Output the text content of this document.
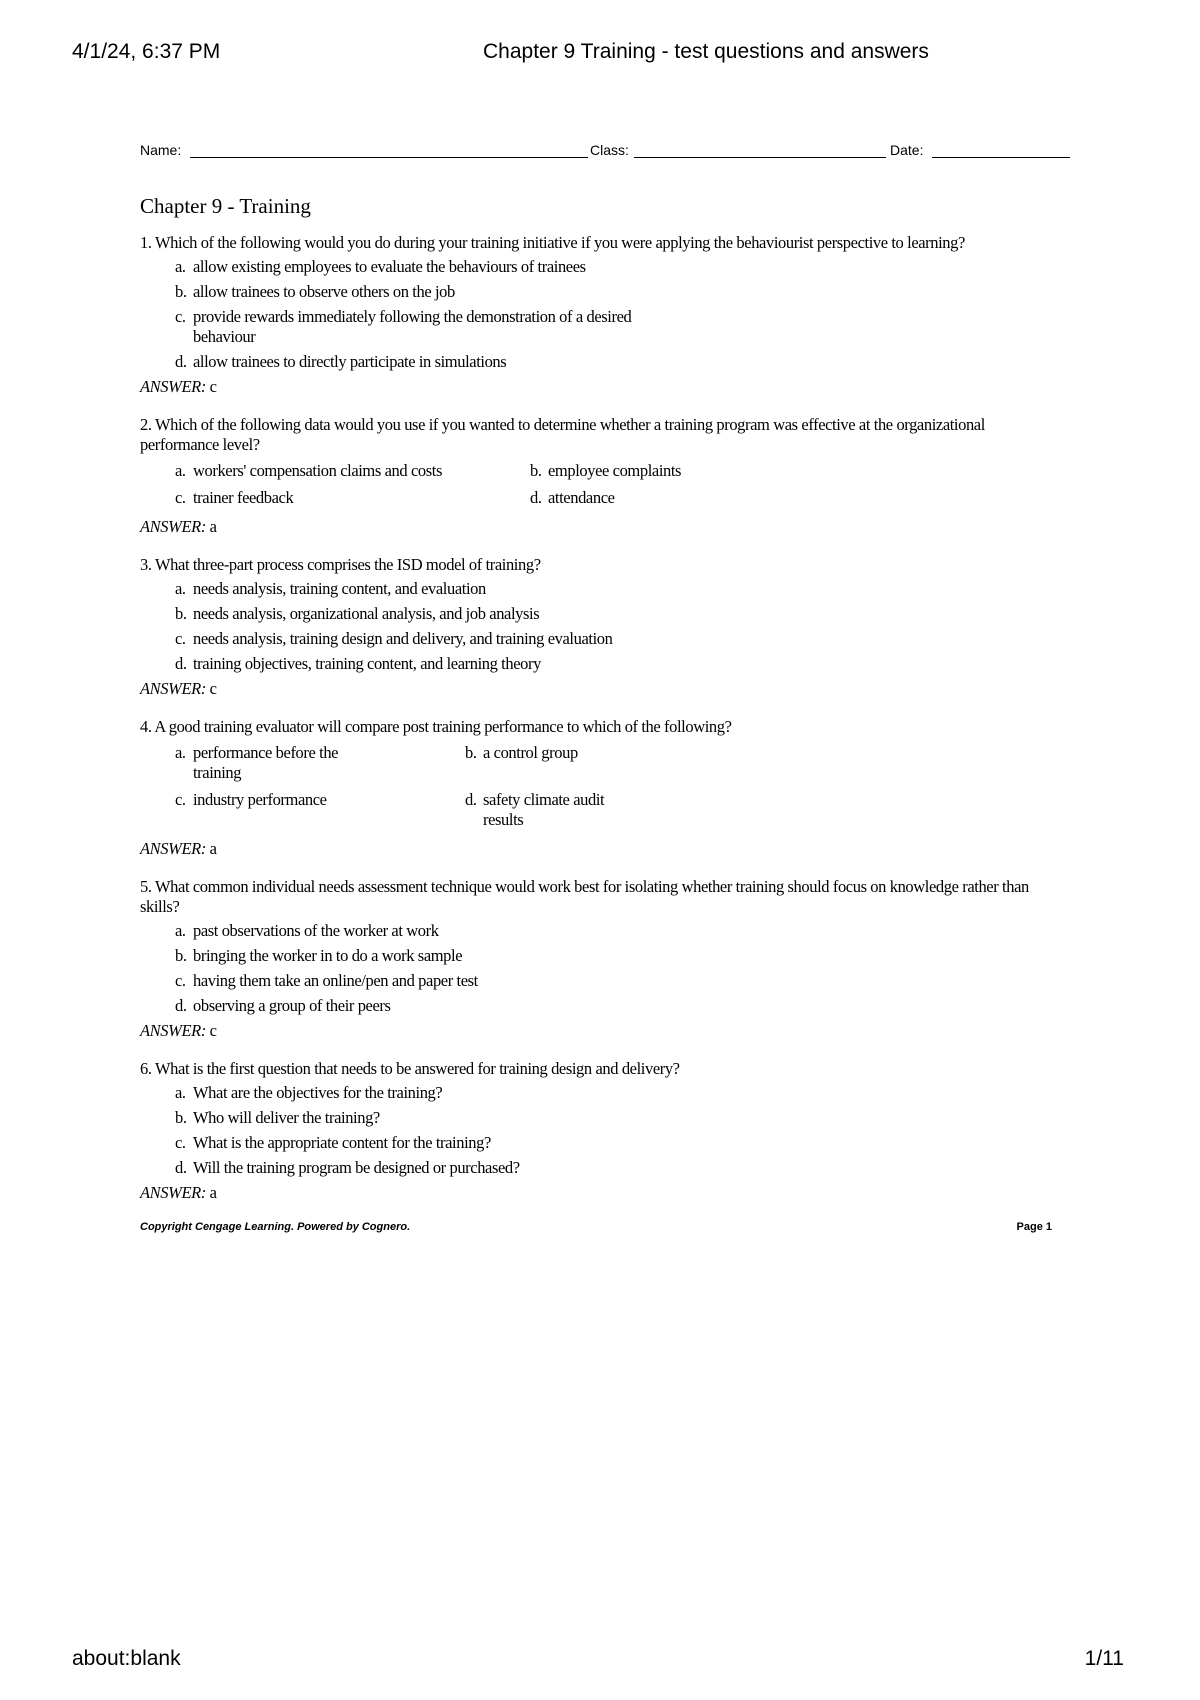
4/1/24, 6:37 PM	Chapter 9 Training - test questions and answers
Name:	Class:	Date:
Chapter 9 - Training
1. Which of the following would you do during your training initiative if you were applying the behaviourist perspective to learning?
a. allow existing employees to evaluate the behaviours of trainees
b. allow trainees to observe others on the job
c. provide rewards immediately following the demonstration of a desired behaviour
d. allow trainees to directly participate in simulations
ANSWER: c
2. Which of the following data would you use if you wanted to determine whether a training program was effective at the organizational performance level?
a. workers' compensation claims and costs	b. employee complaints
c. trainer feedback	d. attendance
ANSWER: a
3. What three-part process comprises the ISD model of training?
a. needs analysis, training content, and evaluation
b. needs analysis, organizational analysis, and job analysis
c. needs analysis, training design and delivery, and training evaluation
d. training objectives, training content, and learning theory
ANSWER: c
4. A good training evaluator will compare post training performance to which of the following?
a. performance before the training
b. a control group
c. industry performance	d. safety climate audit results
ANSWER: a
5. What common individual needs assessment technique would work best for isolating whether training should focus on knowledge rather than skills?
a. past observations of the worker at work
b. bringing the worker in to do a work sample
c. having them take an online/pen and paper test
d. observing a group of their peers
ANSWER: c
6. What is the first question that needs to be answered for training design and delivery?
a. What are the objectives for the training?
b. Who will deliver the training?
c. What is the appropriate content for the training?
d. Will the training program be designed or purchased?
ANSWER: a
Copyright Cengage Learning. Powered by Cognero.	Page 1
about:blank	1/11
